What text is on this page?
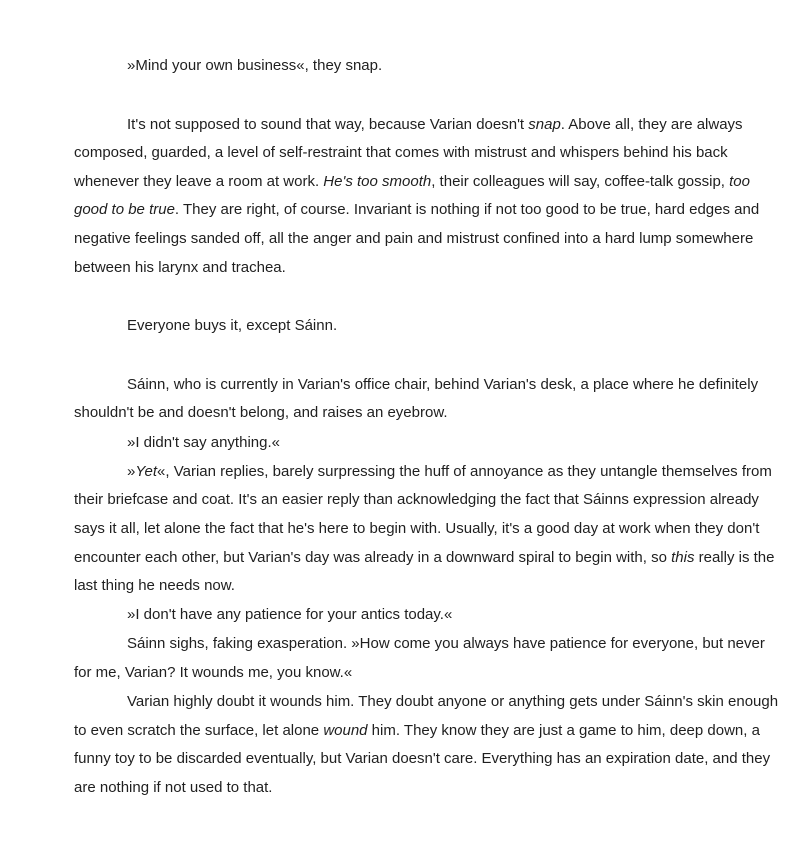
»Mind your own business«, they snap.

It's not supposed to sound that way, because Varian doesn't snap. Above all, they are always composed, guarded, a level of self-restraint that comes with mistrust and whispers behind his back whenever they leave a room at work. He's too smooth, their colleagues will say, coffee-talk gossip, too good to be true. They are right, of course. Invariant is nothing if not too good to be true, hard edges and negative feelings sanded off, all the anger and pain and mistrust confined into a hard lump somewhere between his larynx and trachea.

Everyone buys it, except Sáinn.

Sáinn, who is currently in Varian's office chair, behind Varian's desk, a place where he definitely shouldn't be and doesn't belong, and raises an eyebrow.

»I didn't say anything.«

»Yet«, Varian replies, barely surpressing the huff of annoyance as they untangle themselves from their briefcase and coat. It's an easier reply than acknowledging the fact that Sáinns expression already says it all, let alone the fact that he's here to begin with. Usually, it's a good day at work when they don't encounter each other, but Varian's day was already in a downward spiral to begin with, so this really is the last thing he needs now.

»I don't have any patience for your antics today.«

Sáinn sighs, faking exasperation. »How come you always have patience for everyone, but never for me, Varian? It wounds me, you know.«

Varian highly doubt it wounds him. They doubt anyone or anything gets under Sáinn's skin enough to even scratch the surface, let alone wound him. They know they are just a game to him, deep down, a funny toy to be discarded eventually, but Varian doesn't care. Everything has an expiration date, and they are nothing if not used to that.
